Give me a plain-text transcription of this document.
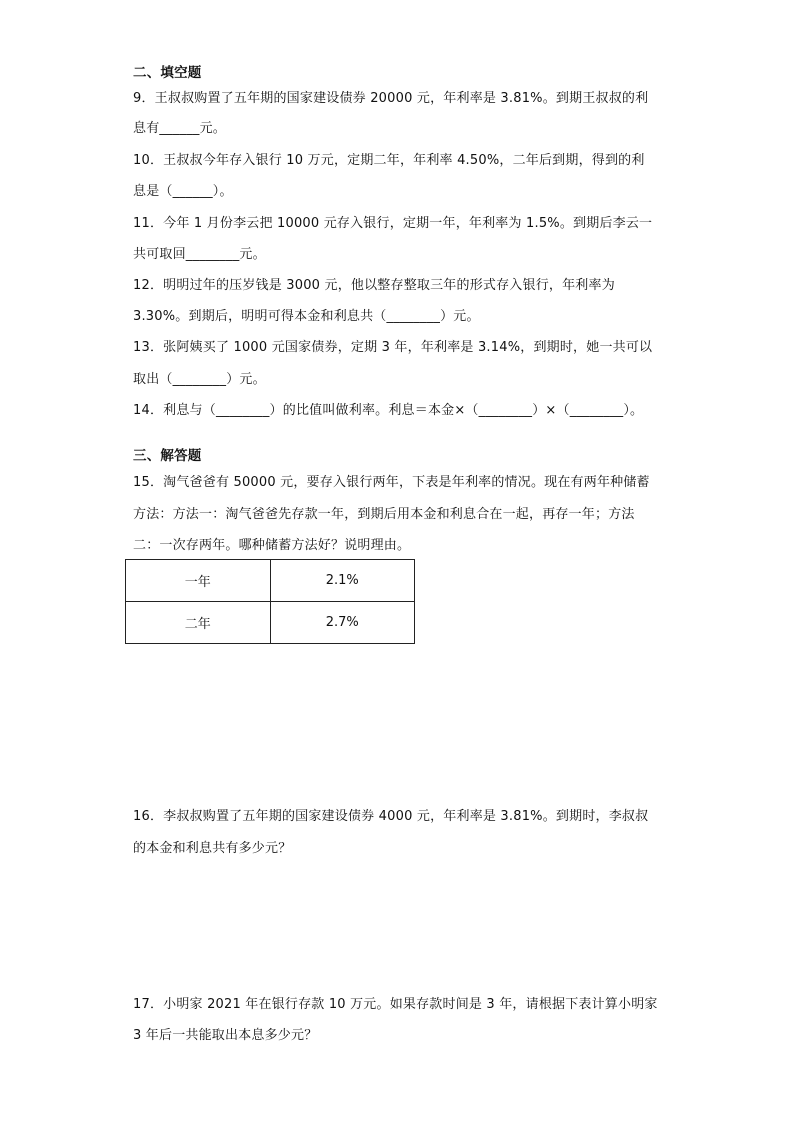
二、填空题
9．王叔叔购置了五年期的国家建设债券 20000 元，年利率是 3.81%。到期王叔叔的利
息有______元。
10．王叔叔今年存入银行 10 万元，定期二年，年利率 4.50%，二年后到期，得到的利
息是（______）。
11．今年 1 月份李云把 10000 元存入银行，定期一年，年利率为 1.5%。到期后李云一
共可取回________元。
12．明明过年的压岁钱是 3000 元，他以整存整取三年的形式存入银行，年利率为
3.30%。到期后，明明可得本金和利息共（________）元。
13．张阿姨买了 1000 元国家债券，定期 3 年，年利率是 3.14%，到期时，她一共可以
取出（________）元。
14．利息与（________）的比值叫做利率。利息＝本金×（________）×（________）。
三、解答题
15．淘气爸爸有 50000 元，要存入银行两年，下表是年利率的情况。现在有两年种储蓄
方法：方法一：淘气爸爸先存款一年，到期后用本金和利息合在一起，再存一年；方法
二：一次存两年。哪种储蓄方法好？说明理由。
一年	2.1%
二年	2.7%
16．李叔叔购置了五年期的国家建设债券 4000 元，年利率是 3.81%。到期时，李叔叔
的本金和利息共有多少元？
17．小明家 2021 年在银行存款 10 万元。如果存款时间是 3 年，请根据下表计算小明家
3 年后一共能取出本息多少元？
